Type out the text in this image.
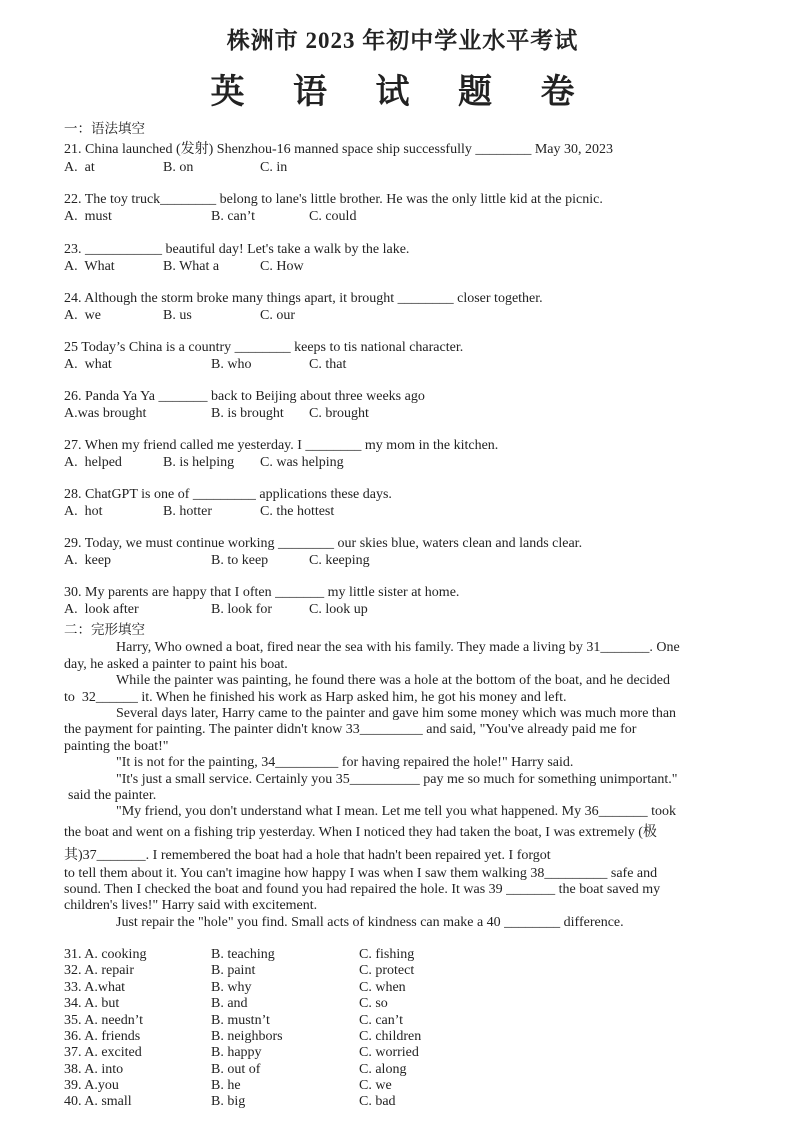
株洲市 2023 年初中学业水平考试
英 语 试 题 卷
一：语法填空
21. China launched (发射) Shenzhou-16 manned space ship successfully ________ May 30, 2023
A.  at	B. on	C. in
22. The toy truck________ belong to lane's little brother. He was the only little kid at the picnic.
A.  must	B. can’t	C. could
23. ___________ beautiful day! Let's take a walk by the lake.
A.  What	B. What a	C. How
24. Although the storm broke many things apart, it brought ________ closer together.
A.  we	B. us	C. our
25 Today’s China is a country ________ keeps to tis national character.
A.  what	B. who	C. that
26. Panda Ya Ya _______ back to Beijing about three weeks ago
A.was brought	B. is brought C. brought
27. When my friend called me yesterday. I ________ my mom in the kitchen.
A.  helped	B. is helping C. was helping
28. ChatGPT is one of _________ applications these days.
A.  hot	B. hotter	C. the hottest
29. Today, we must continue working ________ our skies blue, waters clean and lands clear.
A.  keep	B. to keep	C. keeping
30. My parents are happy that I often _______ my little sister at home.
A.  look after	B. look for	C. look up
二：完形填空
Harry, Who owned a boat, fired near the sea with his family. They made a living by 31_______. One
day, he asked a painter to paint his boat.
While the painter was painting, he found there was a hole at the bottom of the boat, and he decided
to  32______ it. When he finished his work as Harp asked him, he got his money and left.
Several days later, Harry came to the painter and gave him some money which was much more than
the payment for painting. The painter didn't know 33_________ and said, "You've already paid me for
painting the boat!"
"It is not for the painting, 34_________ for having repaired the hole!" Harry said.
"It's just a small service. Certainly you 35__________ pay me so much for something unimportant."
said the painter.
"My friend, you don't understand what I mean. Let me tell you what happened. My 36_______ took
the boat and went on a fishing trip yesterday. When I noticed they had taken the boat, I was extremely (极
其)37_______. I remembered the boat had a hole that hadn't been repaired yet. I forgot
to tell them about it. You can't imagine how happy I was when I saw them walking 38_________ safe and
sound. Then I checked the boat and found you had repaired the hole. It was 39 _______ the boat saved my
children's lives!" Harry said with excitement.
Just repair the "hole" you find. Small acts of kindness can make a 40 ________ difference.
31. A. cooking	B. teaching	C. fishing
32. A. repair	B. paint	C. protect
33. A.what	B. why	C. when
34. A. but	B. and	C. so
35. A. needn’t	B. mustn’t	C. can’t
36. A. friends	B. neighbors	C. children
37. A. excited	B. happy	C. worried
38. A. into	B. out of	C. along
39. A.you	B. he	C. we
40. A. small	B. big	C. bad
